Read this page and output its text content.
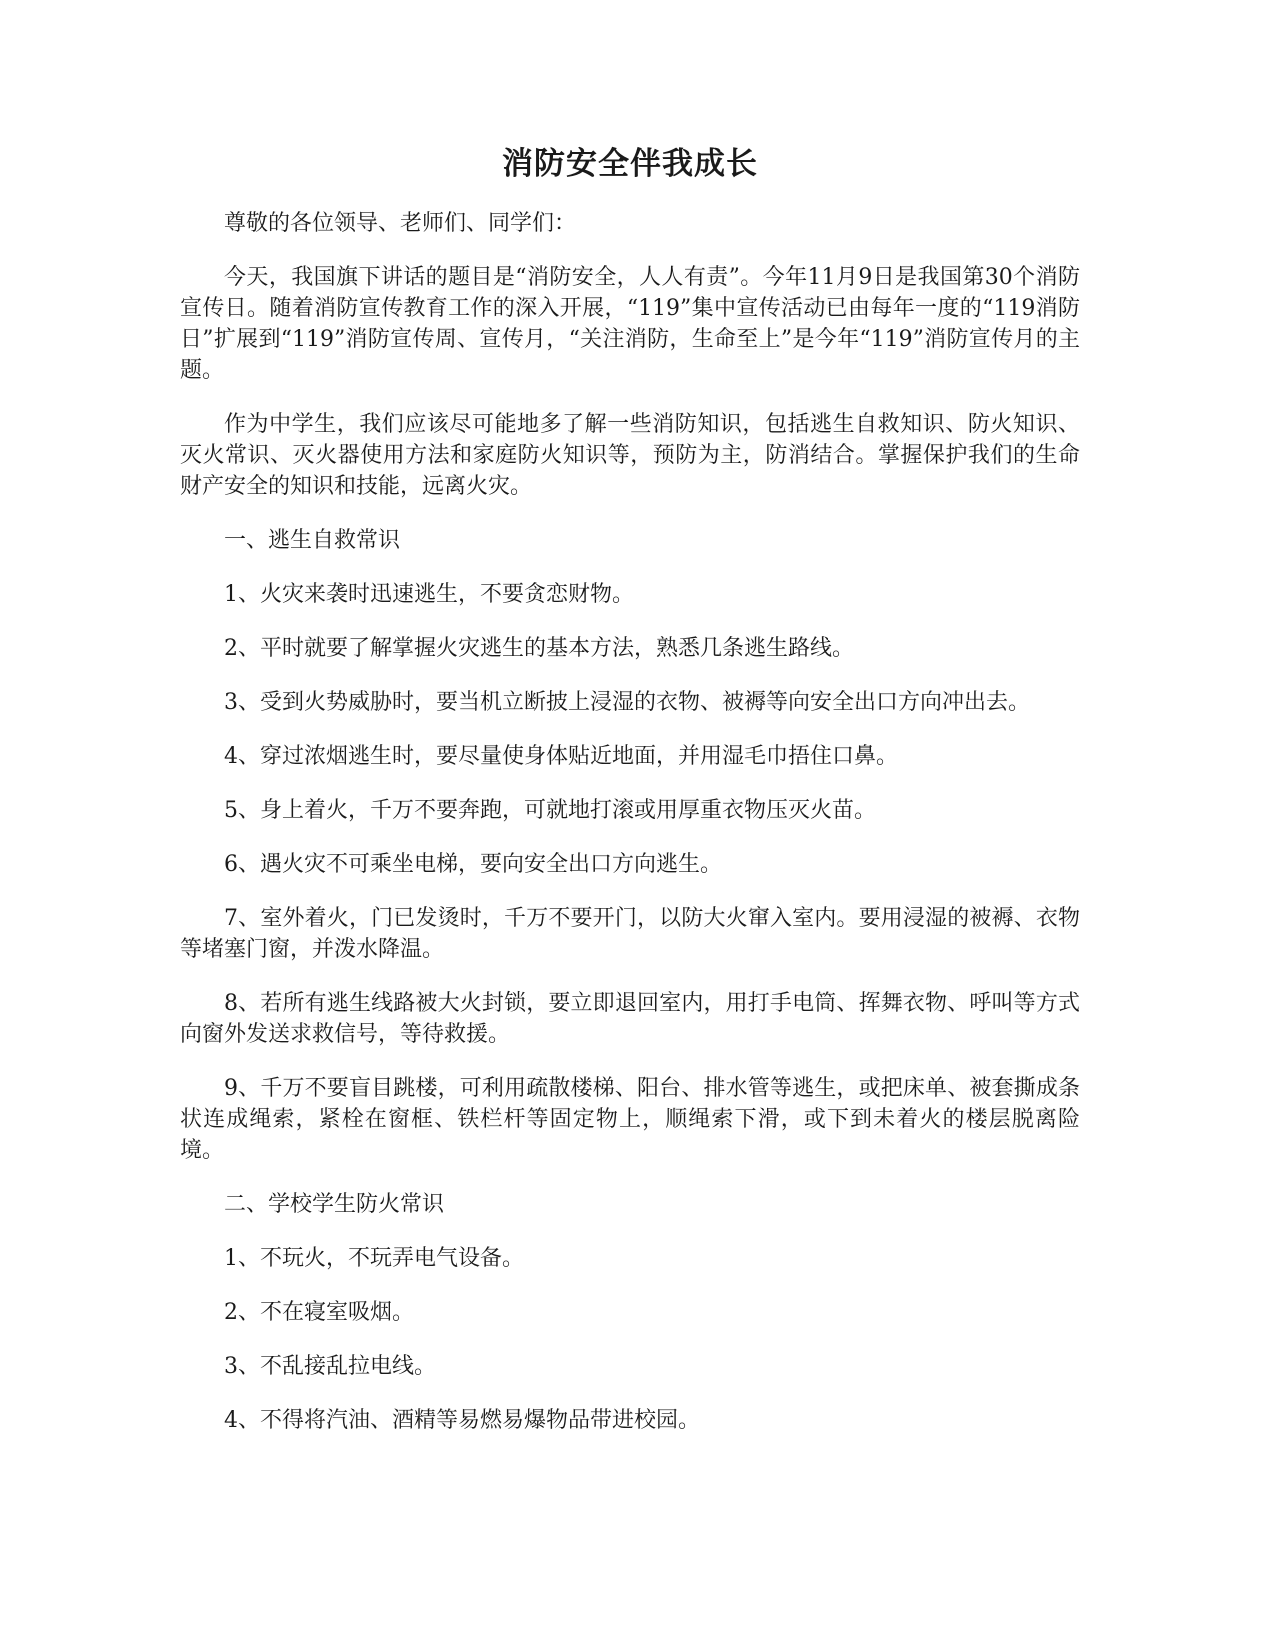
消防安全伴我成长

尊敬的各位领导、老师们、同学们：

今天，我国旗下讲话的题目是“消防安全，人人有责”。今年11月9日是我国第30个消防宣传日。随着消防宣传教育工作的深入开展，“119”集中宣传活动已由每年一度的“119消防日”扩展到“119”消防宣传周、宣传月，“关注消防，生命至上”是今年“119”消防宣传月的主题。

作为中学生，我们应该尽可能地多了解一些消防知识，包括逃生自救知识、防火知识、灭火常识、灭火器使用方法和家庭防火知识等，预防为主，防消结合。掌握保护我们的生命财产安全的知识和技能，远离火灾。

一、逃生自救常识

1、火灾来袭时迅速逃生，不要贪恋财物。

2、平时就要了解掌握火灾逃生的基本方法，熟悉几条逃生路线。

3、受到火势威胁时，要当机立断披上浸湿的衣物、被褥等向安全出口方向冲出去。

4、穿过浓烟逃生时，要尽量使身体贴近地面，并用湿毛巾捂住口鼻。

5、身上着火，千万不要奔跑，可就地打滚或用厚重衣物压灭火苗。

6、遇火灾不可乘坐电梯，要向安全出口方向逃生。

7、室外着火，门已发烫时，千万不要开门，以防大火窜入室内。要用浸湿的被褥、衣物等堵塞门窗，并泼水降温。

8、若所有逃生线路被大火封锁，要立即退回室内，用打手电筒、挥舞衣物、呼叫等方式向窗外发送求救信号，等待救援。

9、千万不要盲目跳楼，可利用疏散楼梯、阳台、排水管等逃生，或把床单、被套撕成条状连成绳索，紧栓在窗框、铁栏杆等固定物上，顺绳索下滑，或下到未着火的楼层脱离险境。

二、学校学生防火常识

1、不玩火，不玩弄电气设备。

2、不在寝室吸烟。

3、不乱接乱拉电线。

4、不得将汽油、酒精等易燃易爆物品带进校园。
